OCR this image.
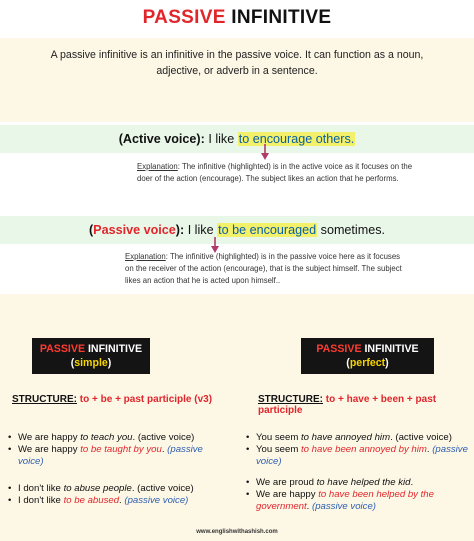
PASSIVE INFINITIVE
A passive infinitive is an infinitive in the passive voice. It can function as a noun, adjective, or adverb in a sentence.
(Active voice): I like to encourage others.
Explanation: The infinitive (highlighted) is in the active voice as it focuses on the doer of the action (encourage). The subject likes an action that he performs.
(Passive voice): I like to be encouraged sometimes.
Explanation: The infinitive (highlighted) is in the passive voice here as it focuses on the receiver of the action (encourage), that is the subject himself. The subject likes an action that he is acted upon himself..
PASSIVE INFINITIVE
(simple)
STRUCTURE: to + be + past participle (v3)
• We are happy to teach you. (active voice)
• We are happy to be taught by you. (passive voice)
• I don't like to abuse people. (active voice)
• I don't like to be abused. (passive voice)
PASSIVE INFINITIVE
(perfect)
STRUCTURE: to + have + been + past participle
• You seem to have annoyed him. (active voice)
• You seem to have been annoyed by him. (passive voice)
• We are proud to have helped the kid.
• We are happy to have been helped by the government. (passive voice)
www.englishwithashish.com
